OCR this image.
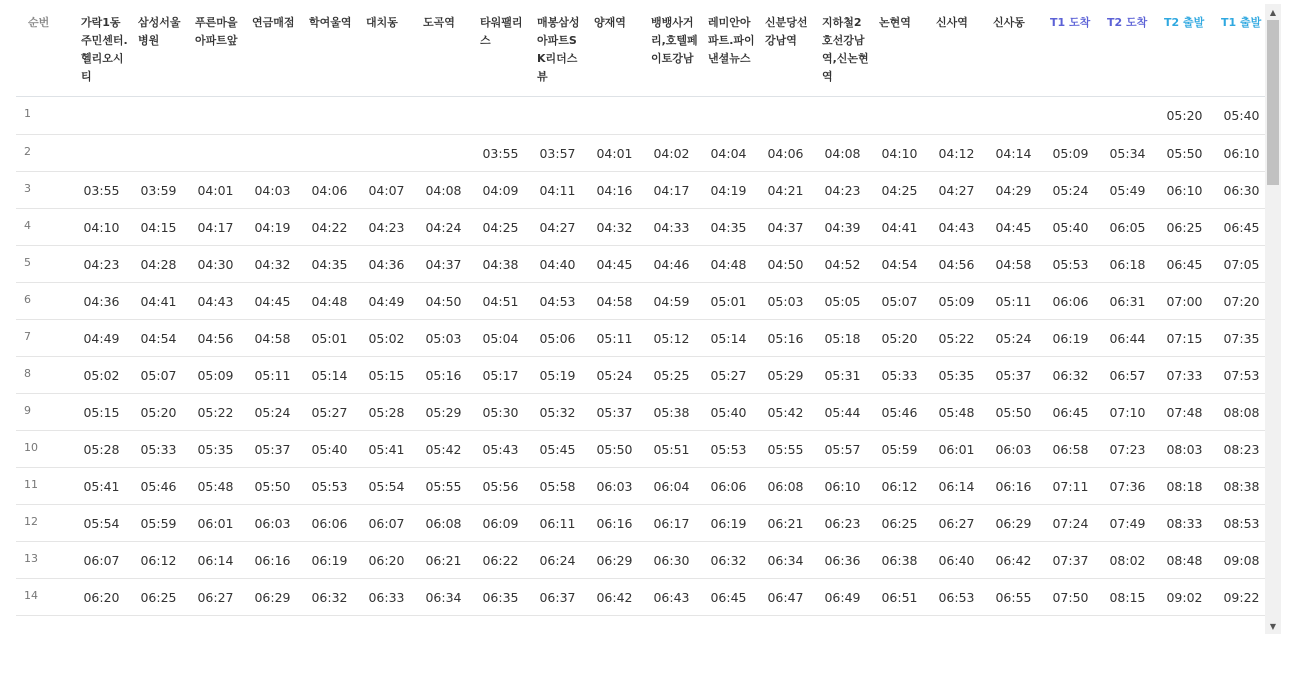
순번	가락1동주민센터.헬리오시티	삼성서울병원	푸른마을아파트앞	연금매점	학여울역	대치동	도곡역	타워팰리스	매봉삼성아파트SK리더스뷰	양재역	뱅뱅사거리,호텔페이토강남	레미안아파트.파이낸셜뉴스	신분당선강남역	지하철2호선강남역,신논현역	논현역	신사역	신사동	T1 도착	T2 도착	T2 출발	T1 출발
1																				05:20	05:40
2								03:55	03:57	04:01	04:02	04:04	04:06	04:08	04:10	04:12	04:14	05:09	05:34	05:50	06:10
3	03:55	03:59	04:01	04:03	04:06	04:07	04:08	04:09	04:11	04:16	04:17	04:19	04:21	04:23	04:25	04:27	04:29	05:24	05:49	06:10	06:30
4	04:10	04:15	04:17	04:19	04:22	04:23	04:24	04:25	04:27	04:32	04:33	04:35	04:37	04:39	04:41	04:43	04:45	05:40	06:05	06:25	06:45
5	04:23	04:28	04:30	04:32	04:35	04:36	04:37	04:38	04:40	04:45	04:46	04:48	04:50	04:52	04:54	04:56	04:58	05:53	06:18	06:45	07:05
6	04:36	04:41	04:43	04:45	04:48	04:49	04:50	04:51	04:53	04:58	04:59	05:01	05:03	05:05	05:07	05:09	05:11	06:06	06:31	07:00	07:20
7	04:49	04:54	04:56	04:58	05:01	05:02	05:03	05:04	05:06	05:11	05:12	05:14	05:16	05:18	05:20	05:22	05:24	06:19	06:44	07:15	07:35
8	05:02	05:07	05:09	05:11	05:14	05:15	05:16	05:17	05:19	05:24	05:25	05:27	05:29	05:31	05:33	05:35	05:37	06:32	06:57	07:33	07:53
9	05:15	05:20	05:22	05:24	05:27	05:28	05:29	05:30	05:32	05:37	05:38	05:40	05:42	05:44	05:46	05:48	05:50	06:45	07:10	07:48	08:08
10	05:28	05:33	05:35	05:37	05:40	05:41	05:42	05:43	05:45	05:50	05:51	05:53	05:55	05:57	05:59	06:01	06:03	06:58	07:23	08:03	08:23
11	05:41	05:46	05:48	05:50	05:53	05:54	05:55	05:56	05:58	06:03	06:04	06:06	06:08	06:10	06:12	06:14	06:16	07:11	07:36	08:18	08:38
12	05:54	05:59	06:01	06:03	06:06	06:07	06:08	06:09	06:11	06:16	06:17	06:19	06:21	06:23	06:25	06:27	06:29	07:24	07:49	08:33	08:53
13	06:07	06:12	06:14	06:16	06:19	06:20	06:21	06:22	06:24	06:29	06:30	06:32	06:34	06:36	06:38	06:40	06:42	07:37	08:02	08:48	09:08
14	06:20	06:25	06:27	06:29	06:32	06:33	06:34	06:35	06:37	06:42	06:43	06:45	06:47	06:49	06:51	06:53	06:55	07:50	08:15	09:02	09:22
▲
▼
